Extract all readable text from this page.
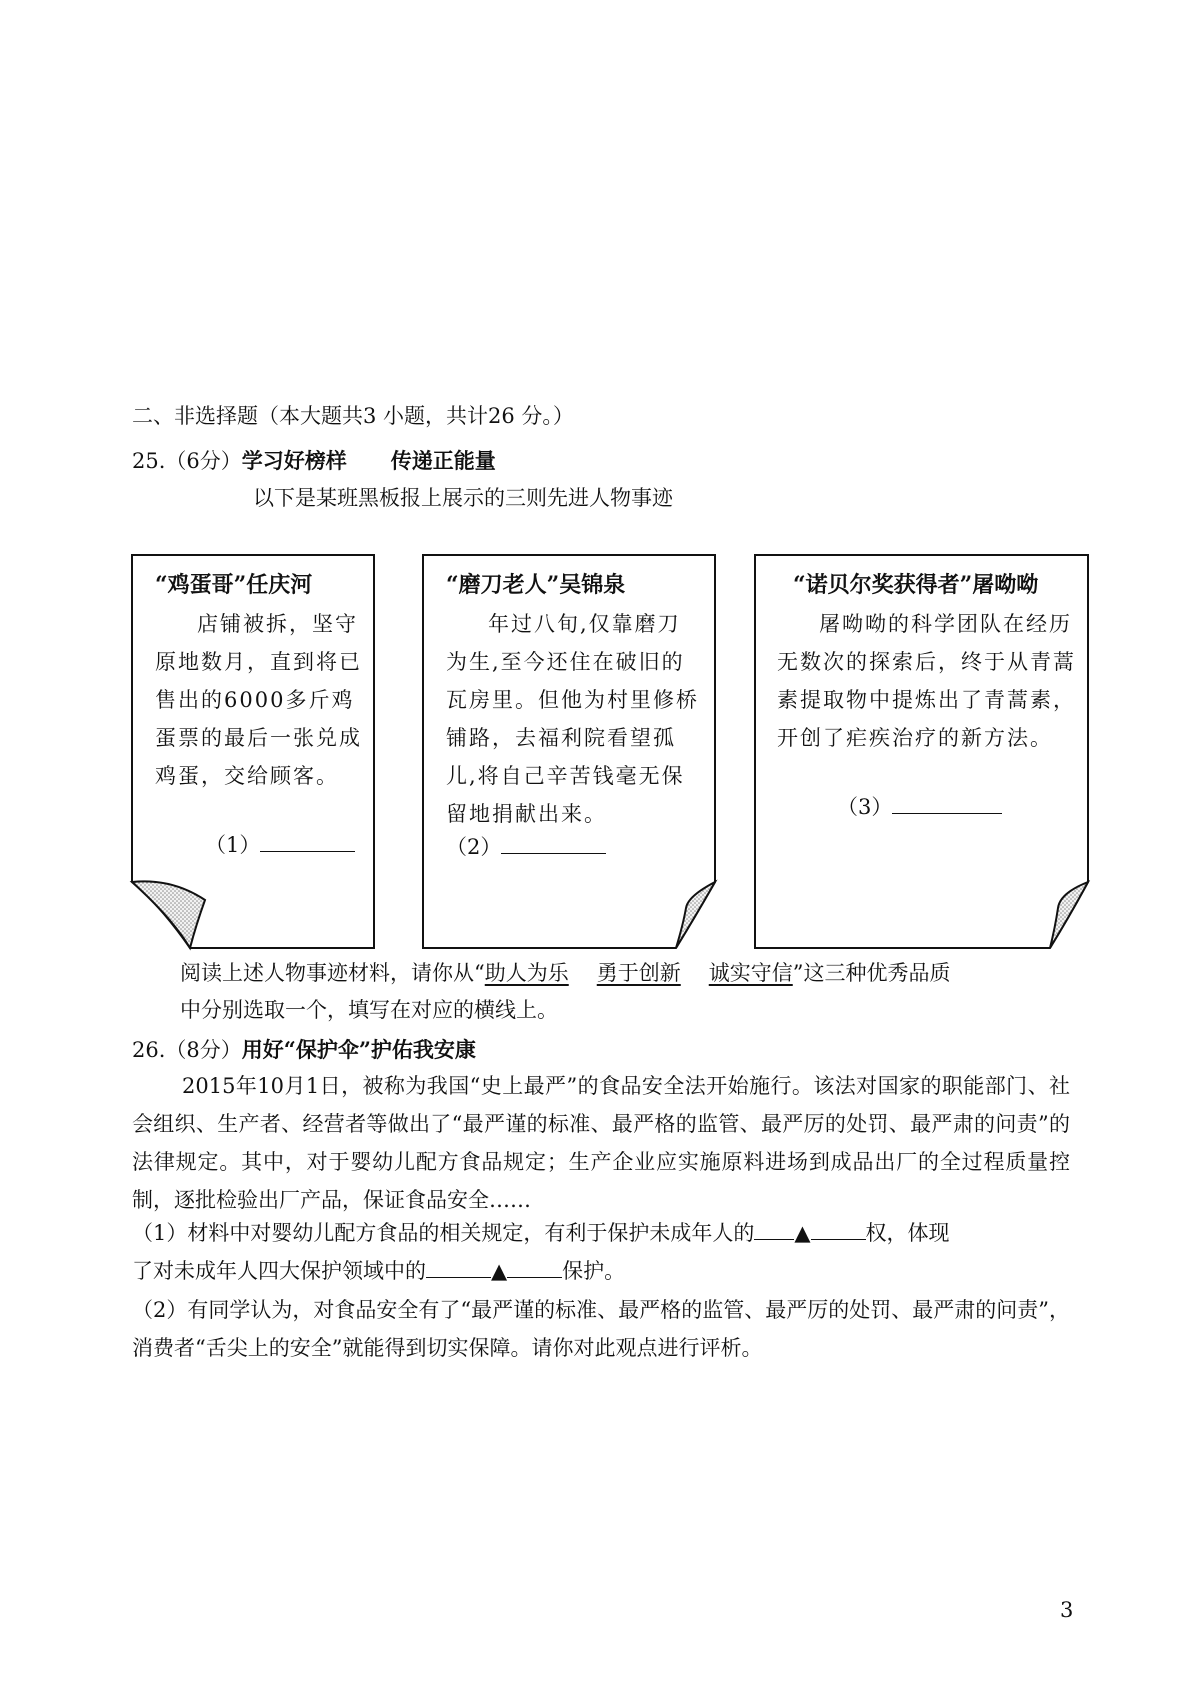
二、非选择题（本大题共3 小题，共计26 分。）
25.（6分）学习好榜样 传递正能量
以下是某班黑板报上展示的三则先进人物事迹
“鸡蛋哥”任庆河
店铺被拆，坚守原地数月，直到将已售出的6000多斤鸡蛋票的最后一张兑成鸡蛋，交给顾客。
（1）
“磨刀老人”吴锦泉
年过八旬,仅靠磨刀为生,至今还住在破旧的瓦房里。但他为村里修桥铺路，去福利院看望孤儿,将自己辛苦钱毫无保留地捐献出来。
（2）
“诺贝尔奖获得者”屠呦呦
屠呦呦的科学团队在经历无数次的探索后，终于从青蒿素提取物中提炼出了青蒿素，开创了疟疾治疗的新方法。
（3）
阅读上述人物事迹材料，请你从“助人为乐 勇于创新 诚实守信”这三种优秀品质
中分别选取一个，填写在对应的横线上。
26.（8分）用好“保护伞”护佑我安康
2015年10月1日，被称为我国“史上最严”的食品安全法开始施行。该法对国家的职能部门、社会组织、生产者、经营者等做出了“最严谨的标准、最严格的监管、最严厉的处罚、最严肃的问责”的法律规定。其中，对于婴幼儿配方食品规定；生产企业应实施原料进场到成品出厂的全过程质量控制，逐批检验出厂产品，保证食品安全……
（1）材料中对婴幼儿配方食品的相关规定，有利于保护未成年人的 ▲	权，体现
了对未成年人四大保护领域中的	▲	保护。
（2）有同学认为，对食品安全有了“最严谨的标准、最严格的监管、最严厉的处罚、最严肃的问责”，消费者“舌尖上的安全”就能得到切实保障。请你对此观点进行评析。
3
